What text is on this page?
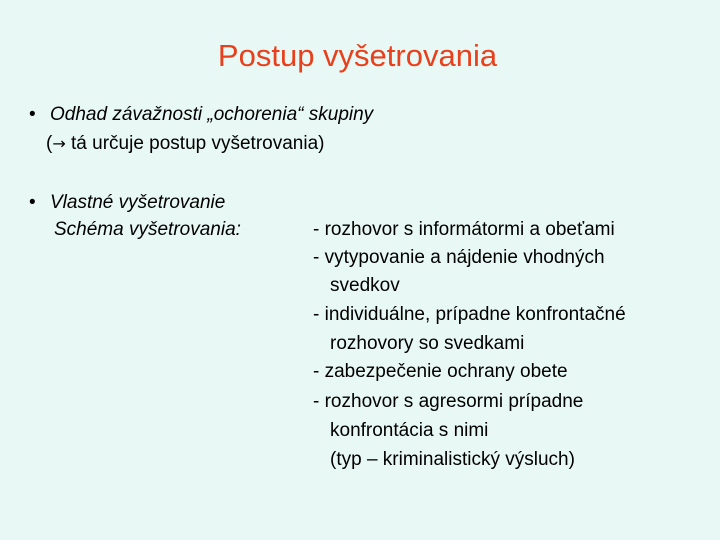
Postup vyšetrovania
• Odhad závažnosti „ochorenia“ skupiny
(→ tá určuje postup vyšetrovania)
• Vlastné vyšetrovanie
Schéma vyšetrovania:	- rozhovor s informátormi a obeťami
- vytypovanie a nájdenie vhodných
svedkov
- individuálne, prípadne konfrontačné
rozhovory so svedkami
- zabezpečenie ochrany obete
- rozhovor s agresormi prípadne
konfrontácia s nimi
(typ – kriminalistický výsluch)
